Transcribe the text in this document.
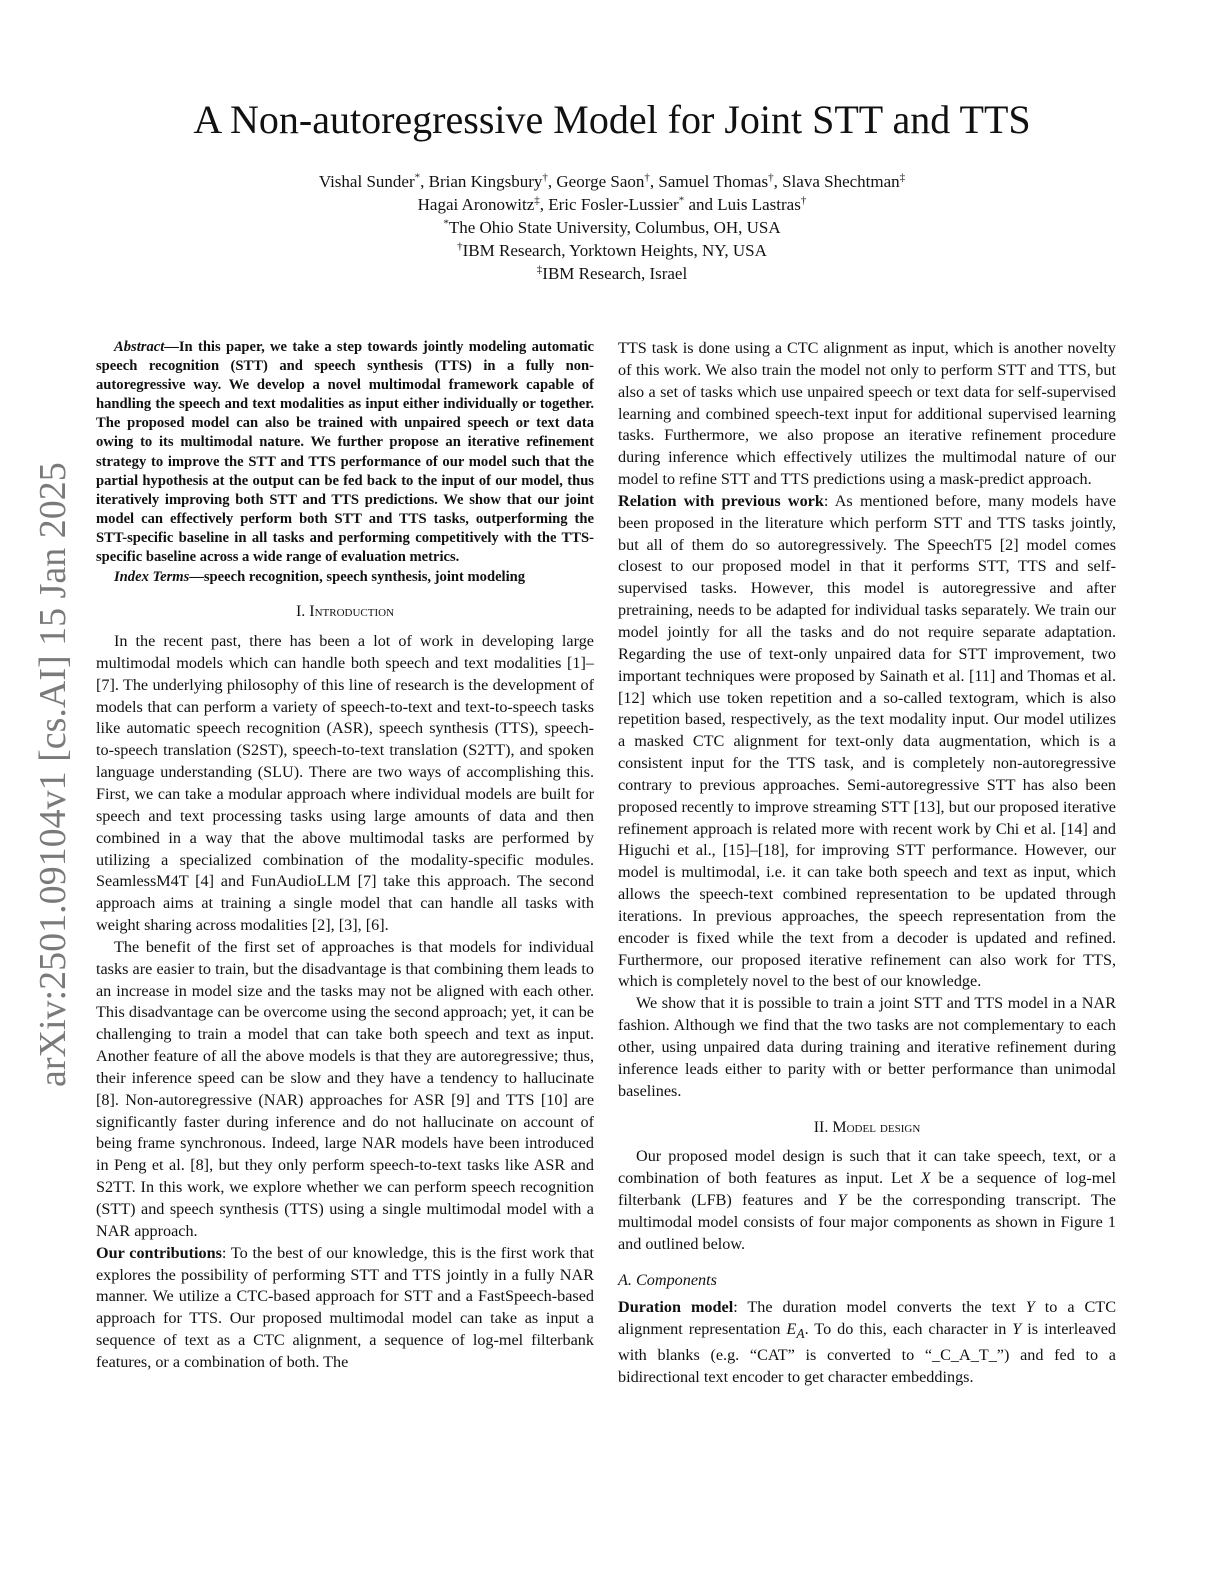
arXiv:2501.09104v1 [cs.AI] 15 Jan 2025
A Non-autoregressive Model for Joint STT and TTS
Vishal Sunder*, Brian Kingsbury†, George Saon†, Samuel Thomas†, Slava Shechtman‡
Hagai Aronowitz‡, Eric Fosler-Lussier* and Luis Lastras†
*The Ohio State University, Columbus, OH, USA
†IBM Research, Yorktown Heights, NY, USA
‡IBM Research, Israel

Abstract—In this paper, we take a step towards jointly modeling automatic speech recognition (STT) and speech synthesis (TTS) in a fully non-autoregressive way. We develop a novel multimodal framework capable of handling the speech and text modalities as input either individually or together. The proposed model can also be trained with unpaired speech or text data owing to its multimodal nature. We further propose an iterative refinement strategy to improve the STT and TTS performance of our model such that the partial hypothesis at the output can be fed back to the input of our model, thus iteratively improving both STT and TTS predictions. We show that our joint model can effectively perform both STT and TTS tasks, outperforming the STT-specific baseline in all tasks and performing competitively with the TTS-specific baseline across a wide range of evaluation metrics.

Index Terms—speech recognition, speech synthesis, joint modeling

I. Introduction

In the recent past, there has been a lot of work in developing large multimodal models which can handle both speech and text modalities [1]–[7]. The underlying philosophy of this line of research is the development of models that can perform a variety of speech-to-text and text-to-speech tasks like automatic speech recognition (ASR), speech synthesis (TTS), speech-to-speech translation (S2ST), speech-to-text translation (S2TT), and spoken language understanding (SLU). There are two ways of accomplishing this. First, we can take a modular approach where individual models are built for speech and text processing tasks using large amounts of data and then combined in a way that the above multimodal tasks are performed by utilizing a specialized combination of the modality-specific modules. SeamlessM4T [4] and FunAudioLLM [7] take this approach. The second approach aims at training a single model that can handle all tasks with weight sharing across modalities [2], [3], [6].

The benefit of the first set of approaches is that models for individual tasks are easier to train, but the disadvantage is that combining them leads to an increase in model size and the tasks may not be aligned with each other. This disadvantage can be overcome using the second approach; yet, it can be challenging to train a model that can take both speech and text as input. Another feature of all the above models is that they are autoregressive; thus, their inference speed can be slow and they have a tendency to hallucinate [8]. Non-autoregressive (NAR) approaches for ASR [9] and TTS [10] are significantly faster during inference and do not hallucinate on account of being frame synchronous. Indeed, large NAR models have been introduced in Peng et al. [8], but they only perform speech-to-text tasks like ASR and S2TT. In this work, we explore whether we can perform speech recognition (STT) and speech synthesis (TTS) using a single multimodal model with a NAR approach.

Our contributions: To the best of our knowledge, this is the first work that explores the possibility of performing STT and TTS jointly in a fully NAR manner. We utilize a CTC-based approach for STT and a FastSpeech-based approach for TTS. Our proposed multimodal model can take as input a sequence of text as a CTC alignment, a sequence of log-mel filterbank features, or a combination of both. The

TTS task is done using a CTC alignment as input, which is another novelty of this work. We also train the model not only to perform STT and TTS, but also a set of tasks which use unpaired speech or text data for self-supervised learning and combined speech-text input for additional supervised learning tasks. Furthermore, we also propose an iterative refinement procedure during inference which effectively utilizes the multimodal nature of our model to refine STT and TTS predictions using a mask-predict approach.

Relation with previous work: As mentioned before, many models have been proposed in the literature which perform STT and TTS tasks jointly, but all of them do so autoregressively. The SpeechT5 [2] model comes closest to our proposed model in that it performs STT, TTS and self-supervised tasks. However, this model is autoregressive and after pretraining, needs to be adapted for individual tasks separately. We train our model jointly for all the tasks and do not require separate adaptation. Regarding the use of text-only unpaired data for STT improvement, two important techniques were proposed by Sainath et al. [11] and Thomas et al. [12] which use token repetition and a so-called textogram, which is also repetition based, respectively, as the text modality input. Our model utilizes a masked CTC alignment for text-only data augmentation, which is a consistent input for the TTS task, and is completely non-autoregressive contrary to previous approaches. Semi-autoregressive STT has also been proposed recently to improve streaming STT [13], but our proposed iterative refinement approach is related more with recent work by Chi et al. [14] and Higuchi et al., [15]–[18], for improving STT performance. However, our model is multimodal, i.e. it can take both speech and text as input, which allows the speech-text combined representation to be updated through iterations. In previous approaches, the speech representation from the encoder is fixed while the text from a decoder is updated and refined. Furthermore, our proposed iterative refinement can also work for TTS, which is completely novel to the best of our knowledge.

We show that it is possible to train a joint STT and TTS model in a NAR fashion. Although we find that the two tasks are not complementary to each other, using unpaired data during training and iterative refinement during inference leads either to parity with or better performance than unimodal baselines.

II. Model design

Our proposed model design is such that it can take speech, text, or a combination of both features as input. Let X be a sequence of log-mel filterbank (LFB) features and Y be the corresponding transcript. The multimodal model consists of four major components as shown in Figure 1 and outlined below.

A. Components

Duration model: The duration model converts the text Y to a CTC alignment representation $E_A$. To do this, each character in Y is interleaved with blanks (e.g. “CAT” is converted to “_C_A_T_”) and fed to a bidirectional text encoder to get character embeddings.
